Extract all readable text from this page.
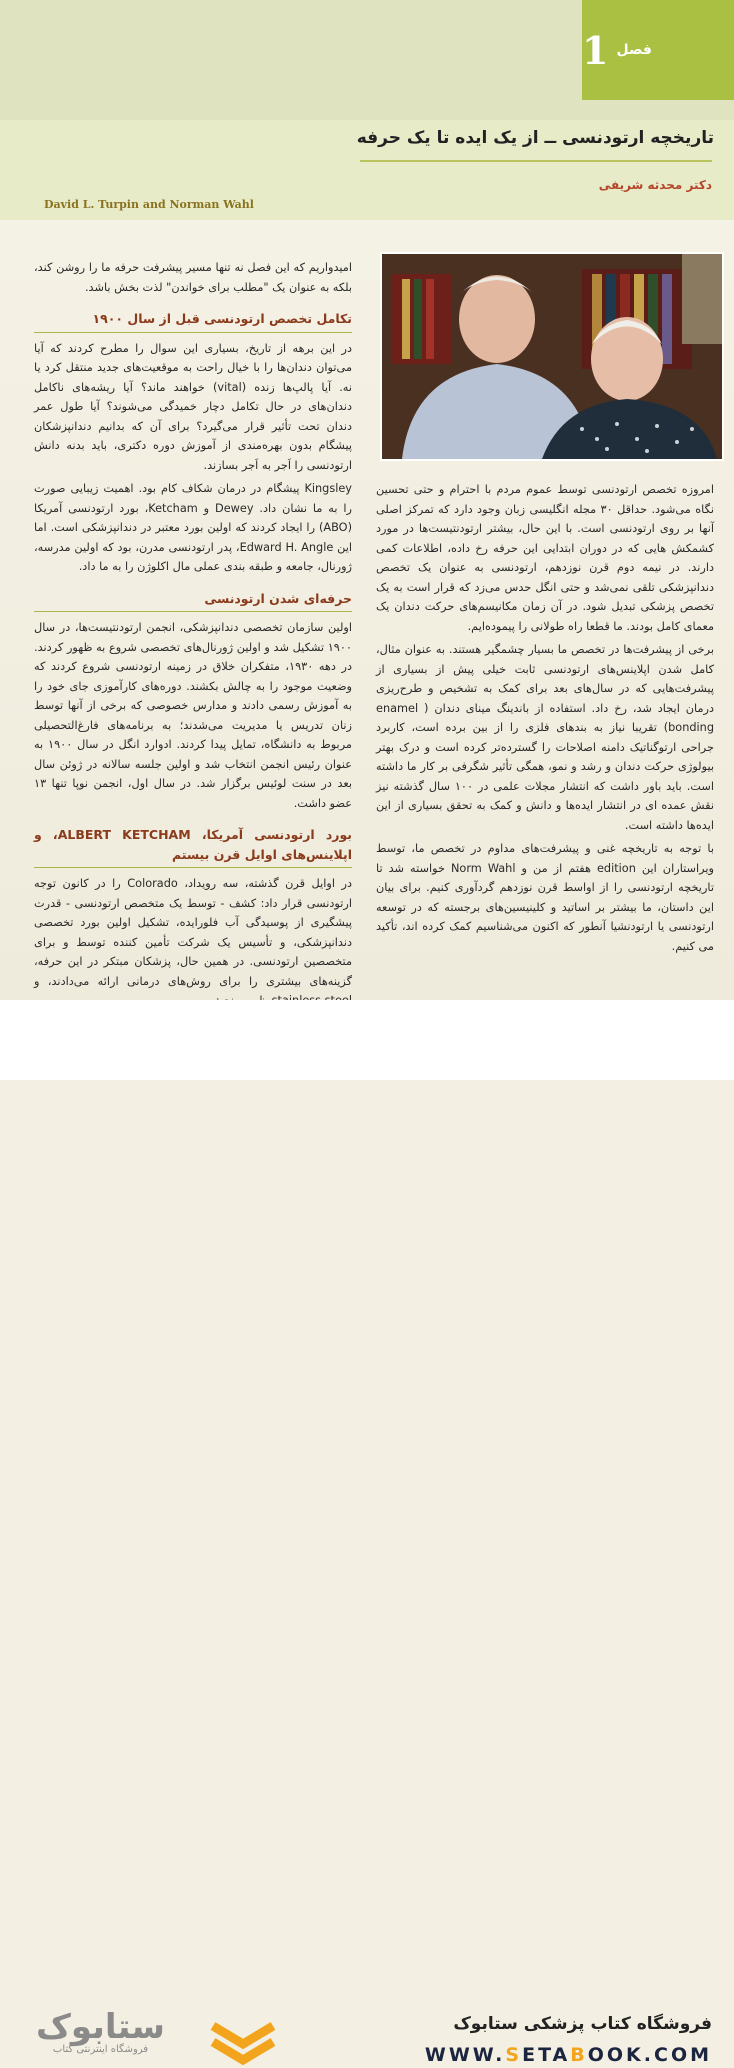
فصل
1
تاریخچه ارتودنسی ــ از یک ایده تا یک حرفه
دکتر محدثه شریفی
David L. Turpin and Norman Wahl

امیدواریم که این فصل نه تنها مسیر پیشرفت حرفه ما را روشن کند، بلکه به عنوان یک "مطلب برای خواندن" لذت بخش باشد.

تکامل تخصص ارتودنسی قبل از سال ۱۹۰۰

در این برهه از تاریخ، بسیاری این سوال را مطرح کردند که آیا می‌توان دندان‌ها را با خیال راحت به موقعیت‌های جدید منتقل کرد یا نه. آیا پالپ‌ها زنده (vital) خواهند ماند؟ آیا ریشه‌های ناکامل دندان‌های در حال تکامل دچار خمیدگی می‌شوند؟ آیا طول عمر دندان تحت تأثیر قرار می‌گیرد؟ برای آن که بدانیم دندانپزشکان پیشگام بدون بهره‌مندی از آموزش دوره دکتری، باید بدنه دانش ارتودنسی را اَجر به اَجر بسازند.

Kingsley پیشگام در درمان شکاف کام بود. اهمیت زیبایی صورت را به ما نشان داد. Dewey و Ketcham، بورد ارتودنسی آمریکا (ABO) را ایجاد کردند که اولین بورد معتبر در دندانپزشکی است. اما این Edward H. Angle، پدر ارتودنسی مدرن، بود که اولین مدرسه، ژورنال، جامعه و طبقه بندی عملی مال اکلوژن را به ما داد.

حرفه‌ای شدن ارتودنسی

اولین سازمان تخصصی دندانپزشکی، انجمن ارتودنتیست‌ها، در سال ۱۹۰۰ تشکیل شد و اولین ژورنال‌های تخصصی شروع به ظهور کردند. در دهه ۱۹۳۰، متفکران خلاق در زمینه ارتودنسی شروع کردند که وضعیت موجود را به چالش بکشند. دوره‌های کارآموزی جای خود را به آموزش رسمی دادند و مدارس خصوصی که برخی از آنها توسط زنان تدریس یا مدیریت می‌شدند؛ به برنامه‌های فارغ‌التحصیلی مربوط به دانشگاه، تمایل پیدا کردند. ادوارد انگل در سال ۱۹۰۰ به عنوان رئیس انجمن انتخاب شد و اولین جلسه سالانه در ژوئن سال بعد در سنت لوئیس برگزار شد. در سال اول، انجمن نوپا تنها ۱۳ عضو داشت.

بورد ارتودنسی آمریکا، ALBERT KETCHAM، و اپلاینس‌های اوایل قرن بیستم

در اوایل قرن گذشته، سه رویداد، Colorado را در کانون توجه ارتودنسی قرار داد: کشف - توسط یک متخصص ارتودنسی - قدرت پیشگیری از پوسیدگی آب فلورایده، تشکیل اولین بورد تخصصی دندانپزشکی، و تأسیس یک شرکت تأمین کننده توسط و برای متخصصین ارتودنسی. در همین حال، پزشکان مبتکر در این حرفه، گزینه‌های بیشتری را برای روش‌های درمانی ارائه می‌دادند، و

امروزه تخصص ارتودنسی توسط عموم مردم با احترام و حتی تحسین نگاه می‌شود. حداقل ۳۰ مجله انگلیسی زبان وجود دارد که تمرکز اصلی آنها بر روی ارتودنسی است. با این حال، بیشتر ارتودنتیست‌ها در مورد کشمکش هایی که در دوران ابتدایی این حرفه رخ داده، اطلاعات کمی دارند. در نیمه دوم قرن نوزدهم، ارتودنسی به عنوان یک تخصص دندانپزشکی تلقی نمی‌شد و حتی انگل حدس می‌زد که قرار است به یک تخصص پزشکی تبدیل شود. در آن زمان مکانیسم‌های حرکت دندان یک معمای کامل بودند. ما قطعا راه طولانی را پیموده‌ایم.

برخی از پیشرفت‌ها در تخصص ما بسیار چشمگیر هستند. به عنوان مثال، کامل شدن اپلاینس‌های ارتودنسی ثابت خیلی پیش از بسیاری از پیشرفت‌هایی که در سال‌های بعد برای کمک به تشخیص و طرح‌ریزی درمان ایجاد شد، رخ داد. استفاده از باندینگ مینای دندان ( enamel bonding) تقریبا نیاز به بندهای فلزی را از بین برده است، کاربرد جراحی ارتوگناتیک دامنه اصلاحات را گسترده‌تر کرده است و درک بهتر بیولوژی حرکت دندان و رشد و نمو، همگی تأثیر شگرفی بر کار ما داشته است. باید باور داشت که انتشار مجلات علمی در ۱۰۰ سال گذشته نیز نقش عمده ای در انتشار ایده‌ها و دانش و کمک به تحقق بسیاری از این ایده‌ها داشته است.

با توجه به تاریخچه غنی و پیشرفت‌های مداوم در تخصص ما، توسط ویراستاران این edition هفتم از من و Norm Wahl خواسته شد تا تاریخچه ارتودنسی را از اواسط قرن نوزدهم گردآوری کنیم. برای بیان این داستان، ما بیشتر بر اساتید و کلینیسین‌های برجسته که در توسعه ارتودنسی یا ارتودنشیا آنطور که اکنون می‌شناسیم کمک کرده اند، تأکید می کنیم.

ستابوک
فروشگاه اینترنتی کتاب
فروشگاه کتاب پزشکی ستابوک
WWW.SETABOOK.COM
